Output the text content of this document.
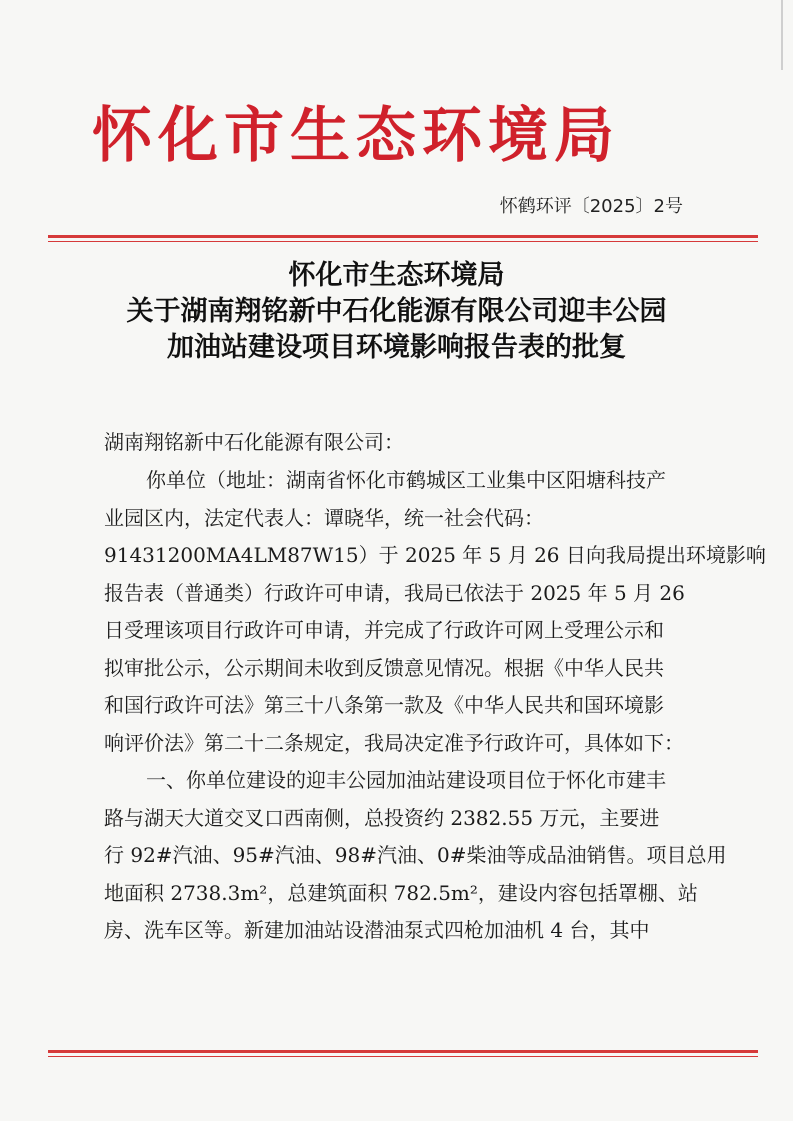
怀化市生态环境局
怀鹤环评〔2025〕2号
怀化市生态环境局
关于湖南翔铭新中石化能源有限公司迎丰公园
加油站建设项目环境影响报告表的批复
湖南翔铭新中石化能源有限公司：
你单位（地址：湖南省怀化市鹤城区工业集中区阳塘科技产
业园区内，法定代表人：谭晓华，统一社会代码：
91431200MA4LM87W15）于 2025 年 5 月 26 日向我局提出环境影响
报告表（普通类）行政许可申请，我局已依法于 2025 年 5 月 26
日受理该项目行政许可申请，并完成了行政许可网上受理公示和
拟审批公示，公示期间未收到反馈意见情况。根据《中华人民共
和国行政许可法》第三十八条第一款及《中华人民共和国环境影
响评价法》第二十二条规定，我局决定准予行政许可，具体如下：
一、你单位建设的迎丰公园加油站建设项目位于怀化市建丰
路与湖天大道交叉口西南侧，总投资约 2382.55 万元，主要进
行 92#汽油、95#汽油、98#汽油、0#柴油等成品油销售。项目总用
地面积 2738.3m²，总建筑面积 782.5m²，建设内容包括罩棚、站
房、洗车区等。新建加油站设潜油泵式四枪加油机 4 台，其中
